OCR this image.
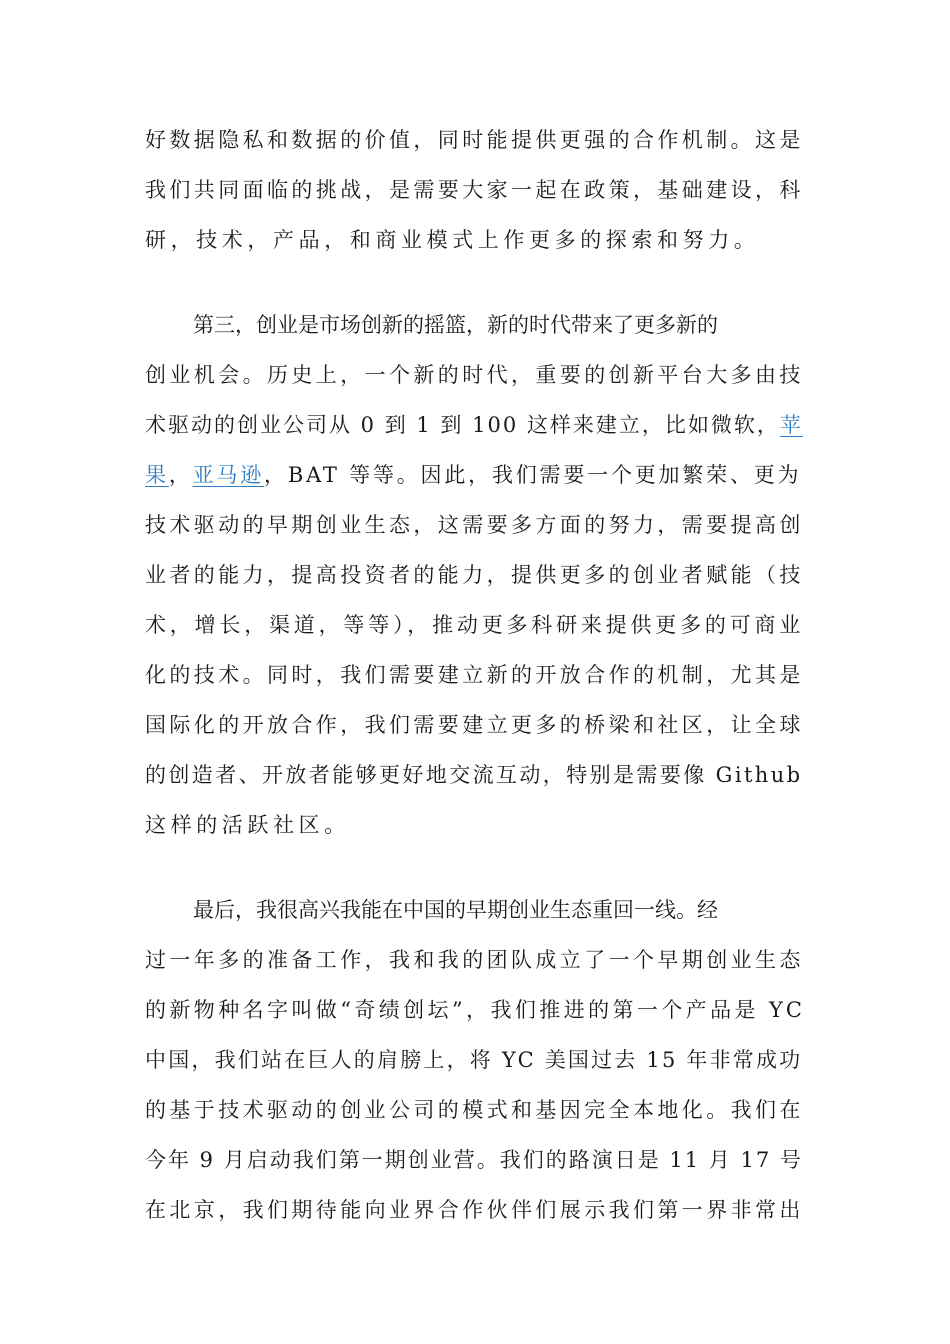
好数据隐私和数据的价值，同时能提供更强的合作机制。这是
我们共同面临的挑战，是需要大家一起在政策，基础建设，科
研，技术，产品，和商业模式上作更多的探索和努力。
第三，创业是市场创新的摇篮，新的时代带来了更多新的
创业机会。历史上，一个新的时代，重要的创新平台大多由技
术驱动的创业公司从 0 到 1 到 100 这样来建立，比如微软，苹
果，亚马逊，BAT 等等。因此，我们需要一个更加繁荣、更为
技术驱动的早期创业生态，这需要多方面的努力，需要提高创
业者的能力，提高投资者的能力，提供更多的创业者赋能（技
术，增长，渠道，等等），推动更多科研来提供更多的可商业
化的技术。同时，我们需要建立新的开放合作的机制，尤其是
国际化的开放合作，我们需要建立更多的桥梁和社区，让全球
的创造者、开放者能够更好地交流互动，特别是需要像 Github
这样的活跃社区。
最后，我很高兴我能在中国的早期创业生态重回一线。经
过一年多的准备工作，我和我的团队成立了一个早期创业生态
的新物种名字叫做“奇绩创坛”，我们推进的第一个产品是 YC
中国，我们站在巨人的肩膀上，将 YC 美国过去 15 年非常成功
的基于技术驱动的创业公司的模式和基因完全本地化。我们在
今年 9 月启动我们第一期创业营。我们的路演日是 11 月 17 号
在北京，我们期待能向业界合作伙伴们展示我们第一界非常出
